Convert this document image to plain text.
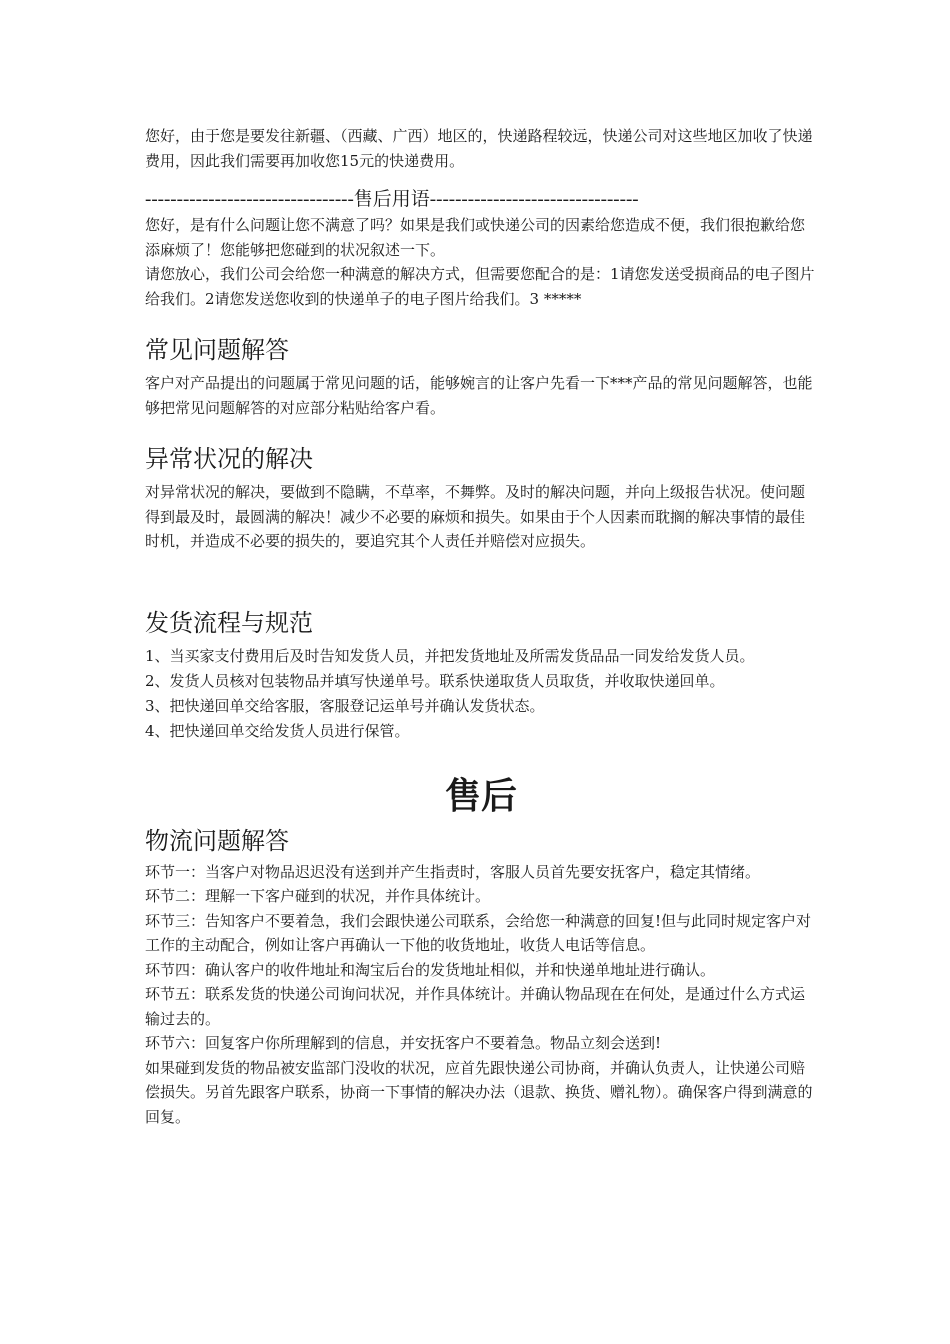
您好，由于您是要发往新疆、（西藏、广西）地区的，快递路程较远，快递公司对这些地区加收了快递费用，因此我们需要再加收您15元的快递费用。

---------------------------------售后用语---------------------------------

您好，是有什么问题让您不满意了吗？如果是我们或快递公司的因素给您造成不便，我们很抱歉给您添麻烦了！您能够把您碰到的状况叙述一下。

请您放心，我们公司会给您一种满意的解决方式，但需要您配合的是：1请您发送受损商品的电子图片给我们。2请您发送您收到的快递单子的电子图片给我们。3 *****

常见问题解答

客户对产品提出的问题属于常见问题的话，能够婉言的让客户先看一下***产品的常见问题解答，也能够把常见问题解答的对应部分粘贴给客户看。

异常状况的解决

对异常状况的解决，要做到不隐瞒，不草率，不舞弊。及时的解决问题，并向上级报告状况。使问题得到最及时，最圆满的解决！减少不必要的麻烦和损失。如果由于个人因素而耽搁的解决事情的最佳时机，并造成不必要的损失的，要追究其个人责任并赔偿对应损失。

发货流程与规范

1、当买家支付费用后及时告知发货人员，并把发货地址及所需发货品品一同发给发货人员。

2、发货人员核对包装物品并填写快递单号。联系快递取货人员取货，并收取快递回单。

3、把快递回单交给客服，客服登记运单号并确认发货状态。

4、把快递回单交给发货人员进行保管。

售后
物流问题解答

环节一：当客户对物品迟迟没有送到并产生指责时，客服人员首先要安抚客户，稳定其情绪。

环节二：理解一下客户碰到的状况，并作具体统计。

环节三：告知客户不要着急，我们会跟快递公司联系，会给您一种满意的回复!但与此同时规定客户对工作的主动配合，例如让客户再确认一下他的收货地址，收货人电话等信息。

环节四：确认客户的收件地址和淘宝后台的发货地址相似，并和快递单地址进行确认。

环节五：联系发货的快递公司询问状况，并作具体统计。并确认物品现在在何处，是通过什么方式运输过去的。

环节六：回复客户你所理解到的信息，并安抚客户不要着急。物品立刻会送到!

如果碰到发货的物品被安监部门没收的状况，应首先跟快递公司协商，并确认负责人，让快递公司赔偿损失。另首先跟客户联系，协商一下事情的解决办法（退款、换货、赠礼物）。确保客户得到满意的回复。
